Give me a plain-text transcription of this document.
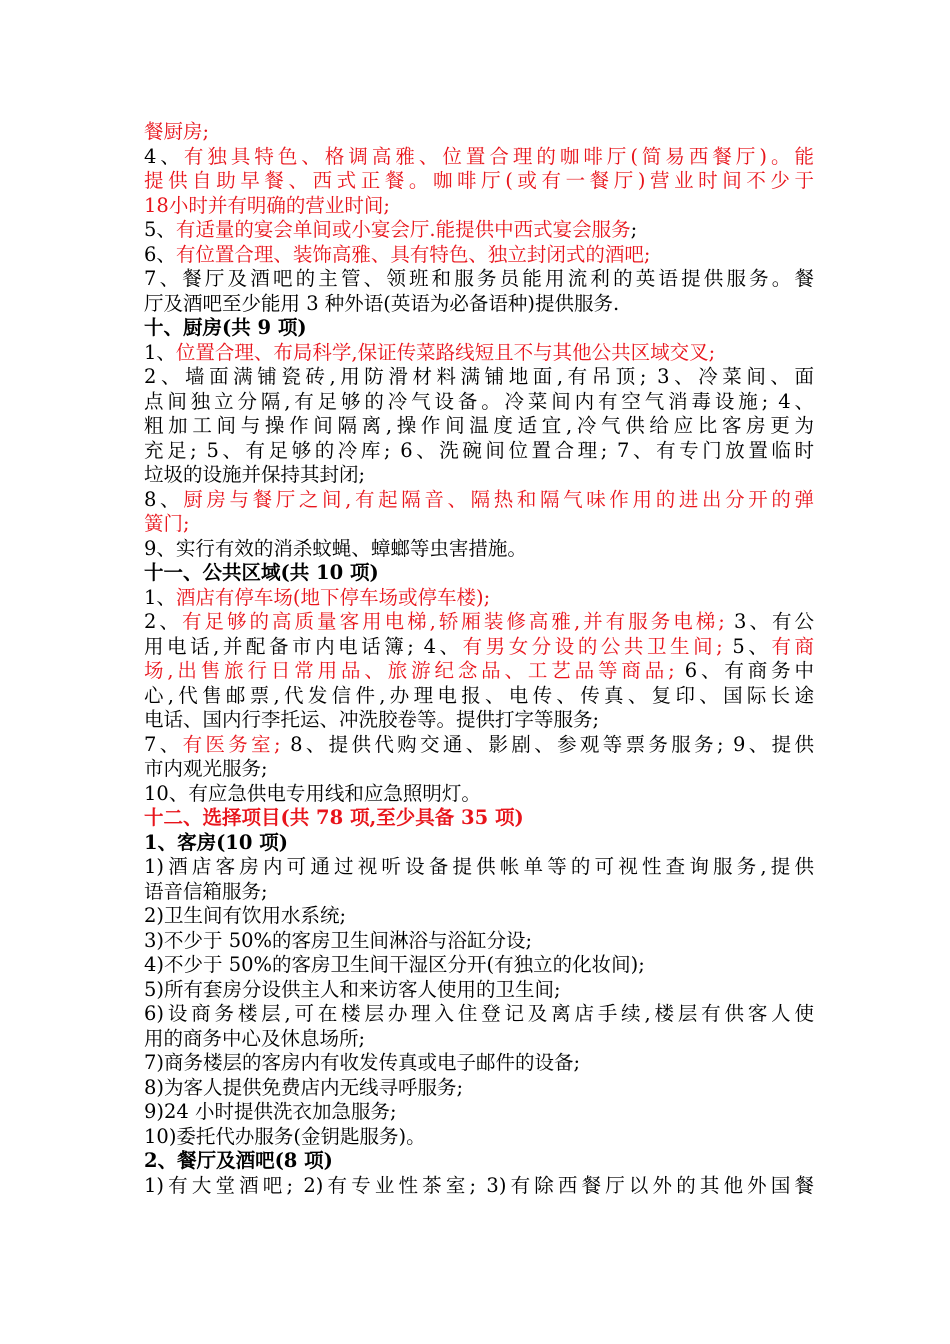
餐厨房;
4、有独具特色、格调高雅、位置合理的咖啡厅(简易西餐厅)。能
提供自助早餐、西式正餐。咖啡厅(或有一餐厅)营业时间不少于
18小时并有明确的营业时间;
5、有适量的宴会单间或小宴会厅.能提供中西式宴会服务;
6、有位置合理、装饰高雅、具有特色、独立封闭式的酒吧;
7、餐厅及酒吧的主管、领班和服务员能用流利的英语提供服务。餐
厅及酒吧至少能用 3 种外语(英语为必备语种)提供服务.
十、厨房(共 9 项)
1、位置合理、布局科学,保证传菜路线短且不与其他公共区域交叉;
2、墙面满铺瓷砖,用防滑材料满铺地面,有吊顶; 3、冷菜间、面
点间独立分隔,有足够的冷气设备。冷菜间内有空气消毒设施; 4、
粗加工间与操作间隔离,操作间温度适宜,冷气供给应比客房更为
充足; 5、有足够的冷库; 6、洗碗间位置合理; 7、有专门放置临时
垃圾的设施并保持其封闭;
8、厨房与餐厅之间,有起隔音、隔热和隔气味作用的进出分开的弹
簧门;
9、实行有效的消杀蚊蝇、蟑螂等虫害措施。
十一、公共区域(共 10 项)
1、酒店有停车场(地下停车场或停车楼);
2、有足够的高质量客用电梯,轿厢装修高雅,并有服务电梯; 3、有公
用电话,并配备市内电话簿; 4、有男女分设的公共卫生间; 5、有商
场,出售旅行日常用品、旅游纪念品、工艺品等商品; 6、有商务中
心,代售邮票,代发信件,办理电报、电传、传真、复印、国际长途
电话、国内行李托运、冲洗胶卷等。提供打字等服务;
7、有医务室; 8、提供代购交通、影剧、参观等票务服务; 9、提供
市内观光服务;
10、有应急供电专用线和应急照明灯。
十二、选择项目(共 78 项,至少具备 35 项)
1、客房(10 项)
1)酒店客房内可通过视听设备提供帐单等的可视性查询服务,提供
语音信箱服务;
2)卫生间有饮用水系统;
3)不少于 50%的客房卫生间淋浴与浴缸分设;
4)不少于 50%的客房卫生间干湿区分开(有独立的化妆间);
5)所有套房分设供主人和来访客人使用的卫生间;
6)设商务楼层,可在楼层办理入住登记及离店手续,楼层有供客人使
用的商务中心及休息场所;
7)商务楼层的客房内有收发传真或电子邮件的设备;
8)为客人提供免费店内无线寻呼服务;
9)24 小时提供洗衣加急服务;
10)委托代办服务(金钥匙服务)。
2、餐厅及酒吧(8 项)
1)有大堂酒吧; 2)有专业性茶室; 3)有除西餐厅以外的其他外国餐
